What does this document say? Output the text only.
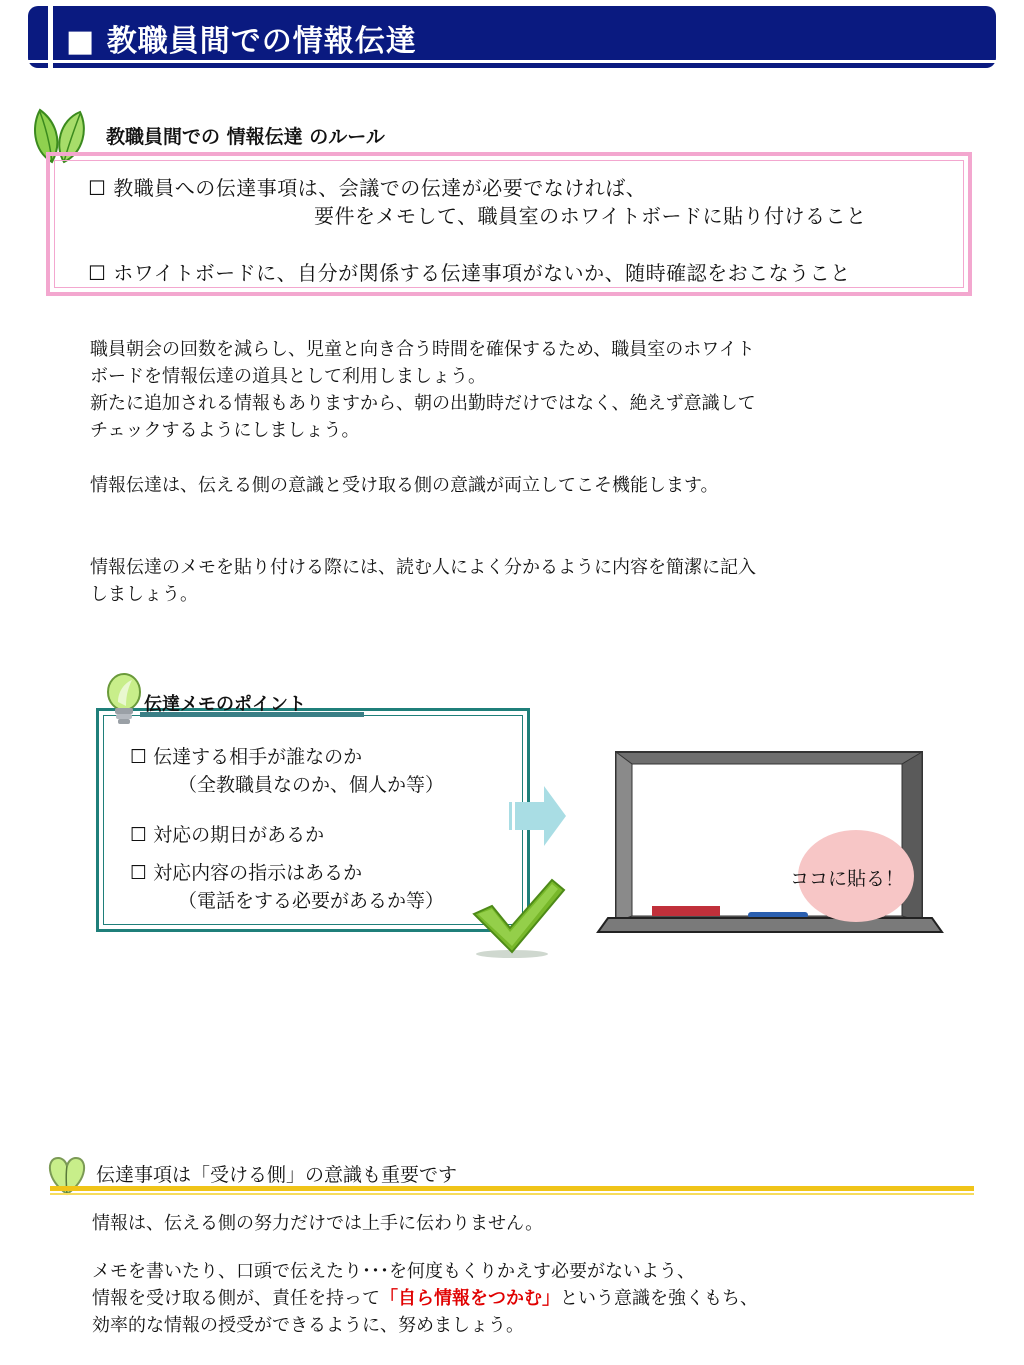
■ 教職員間での情報伝達
教職員間での 情報伝達 のルール
☐ 教職員への伝達事項は、会議での伝達が必要でなければ、
要件をメモして、職員室のホワイトボードに貼り付けること
☐ ホワイトボードに、自分が関係する伝達事項がないか、随時確認をおこなうこと
職員朝会の回数を減らし、児童と向き合う時間を確保するため、職員室のホワイト
ボードを情報伝達の道具として利用しましょう。
新たに追加される情報もありますから、朝の出勤時だけではなく、絶えず意識して
チェックするようにしましょう。
情報伝達は、伝える側の意識と受け取る側の意識が両立してこそ機能します。
情報伝達のメモを貼り付ける際には、読む人によく分かるように内容を簡潔に記入
しましょう。
伝達メモのポイント
☐ 伝達する相手が誰なのか
（全教職員なのか、個人か等）
☐ 対応の期日があるか
☐ 対応内容の指示はあるか
（電話をする必要があるか等）
ココに貼る！
伝達事項は「受ける側」の意識も重要です
情報は、伝える側の努力だけでは上手に伝わりません。
メモを書いたり、口頭で伝えたり･･･を何度もくりかえす必要がないよう、
情報を受け取る側が、責任を持って「自ら情報をつかむ」という意識を強くもち、
効率的な情報の授受ができるように、努めましょう。
